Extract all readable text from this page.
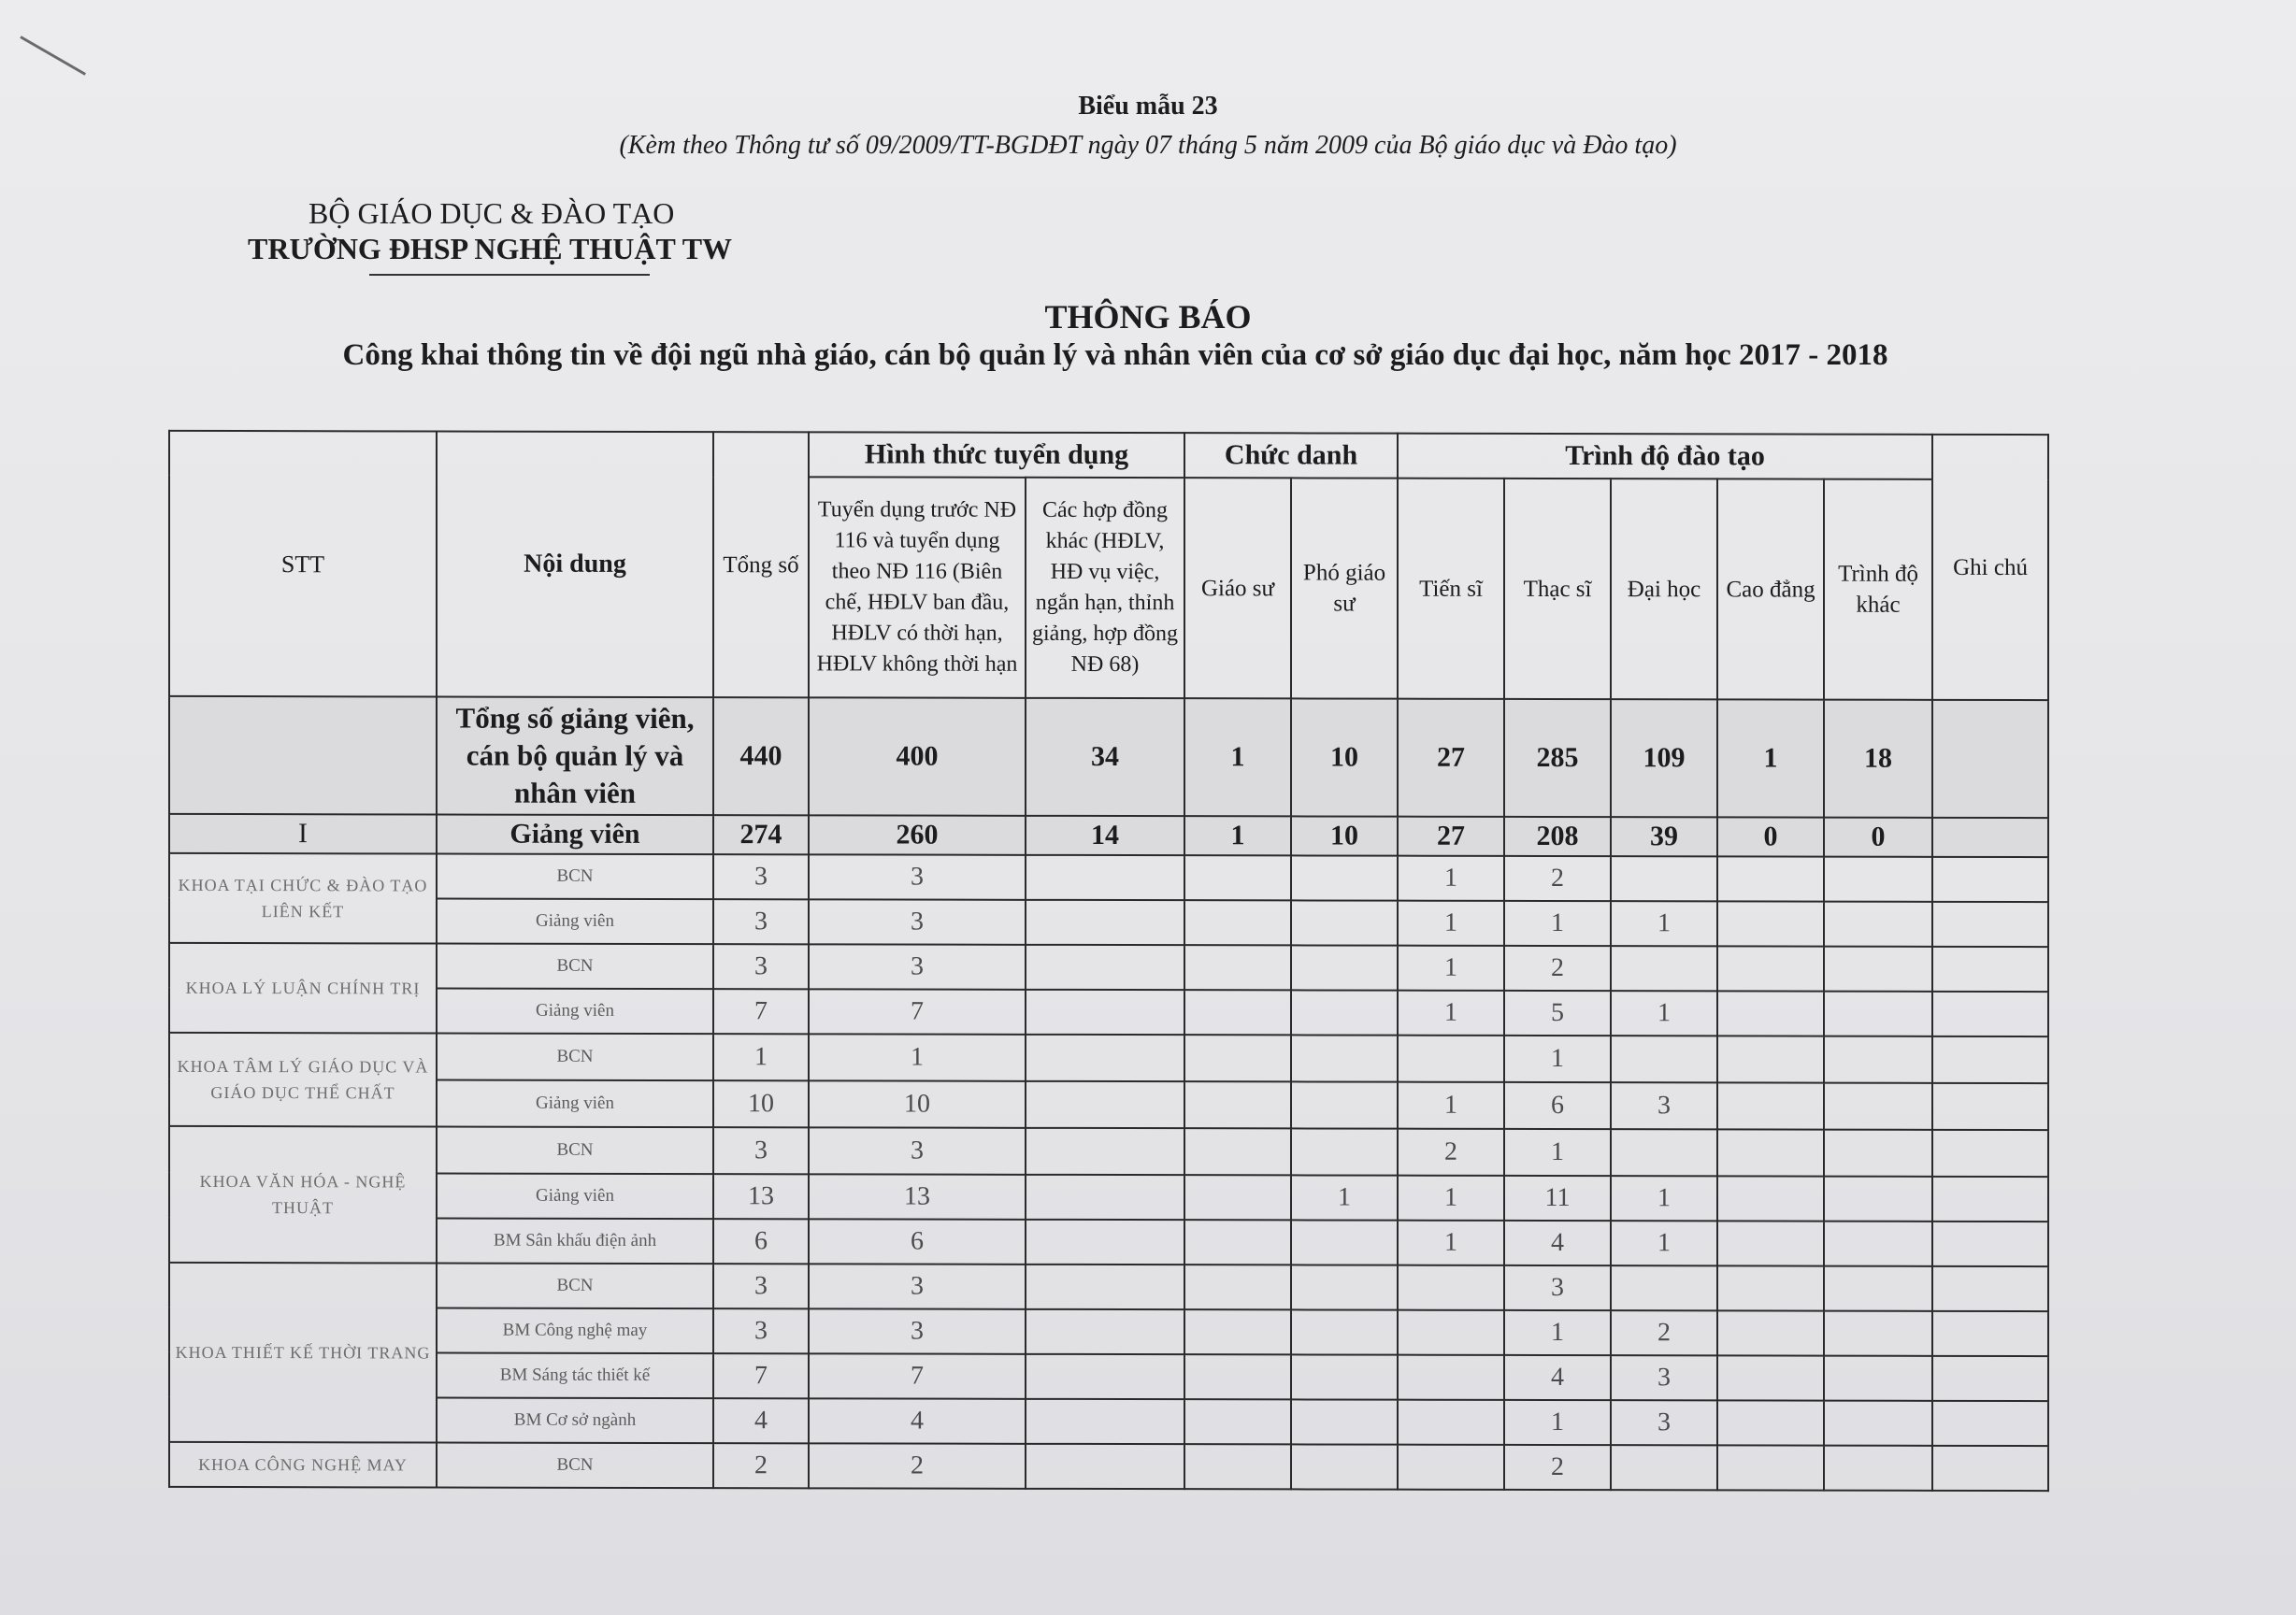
Biểu mẫu 23
(Kèm theo Thông tư số 09/2009/TT-BGDĐT ngày 07 tháng 5 năm 2009 của Bộ giáo dục và Đào tạo)
BỘ GIÁO DỤC & ĐÀO TẠO
TRƯỜNG ĐHSP NGHỆ THUẬT TW
THÔNG BÁO
Công khai thông tin về đội ngũ nhà giáo, cán bộ quản lý và nhân viên của cơ sở giáo dục đại học, năm học 2017 - 2018
STT	Nội dung	Tổng số	Hình thức tuyển dụng		Chức danh		Trình độ đào tạo					Ghi chú
			Tuyển dụng trước NĐ 116 và tuyển dụng theo NĐ 116 (Biên chế, HĐLV ban đầu, HĐLV có thời hạn, HĐLV không thời hạn	Các hợp đồng khác (HĐLV, HĐ vụ việc, ngắn hạn, thỉnh giảng, hợp đồng NĐ 68)	Giáo sư	Phó giáo sư	Tiến sĩ	Thạc sĩ	Đại học	Cao đẳng	Trình độ khác	
	Tổng số giảng viên, cán bộ quản lý và nhân viên	440	400	34	1	10	27	285	109	1	18	
I	Giảng viên	274	260	14	1	10	27	208	39	0	0	
KHOA TẠI CHỨC & ĐÀO TẠO LIÊN KẾT	BCN	3	3				1	2				
	Giảng viên	3	3				1	1	1			
KHOA LÝ LUẬN CHÍNH TRỊ	BCN	3	3				1	2				
	Giảng viên	7	7				1	5	1			
KHOA TÂM LÝ GIÁO DỤC VÀ GIÁO DỤC THỂ CHẤT	BCN	1	1					1				
	Giảng viên	10	10				1	6	3			
KHOA VĂN HÓA - NGHỆ THUẬT	BCN	3	3				2	1				
	Giảng viên	13	13			1	1	11	1			
	BM Sân khấu điện ảnh	6	6				1	4	1			
KHOA THIẾT KẾ THỜI TRANG	BCN	3	3					3				
	BM Công nghệ may	3	3					1	2			
	BM Sáng tác thiết kế	7	7					4	3			
	BM Cơ sở ngành	4	4					1	3			
KHOA CÔNG NGHỆ MAY	BCN	2	2					2				
